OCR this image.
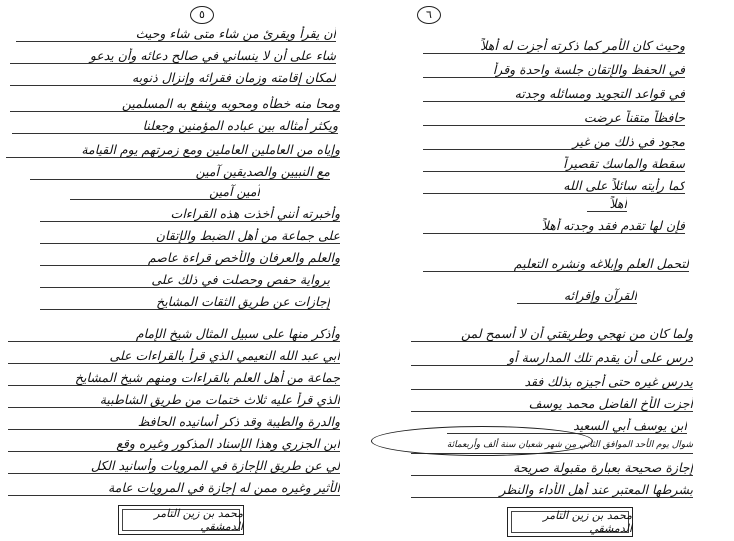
٥
أن يقرأ ويقرئ من شاء متى شاء وحيث
شاء على أن لا ينساني في صالح دعائه وأن يدعو
لمكان إقامته وزمان فقرائه وإنزال ذنوبه
ومحا منه خطأه ومحوبه وينفع به المسلمين
ويكثر أمثاله بين عباده المؤمنين وجعلنا
وإياه من العاملين العاملين ومع زمرتهم يوم القيامة
مع النبيين والصديقين آمين
آمين آمين
وأخبرته أنني أخذت هذه القراءات
على جماعة من أهل الضبط والإتقان
والعلم والعرفان والأخص قراءة عاصم
برواية حفص وحصلت في ذلك على
إجازات عن طريق الثقات المشايخ
وأذكر منها على سبيل المثال شيخ الإمام
أبي عبد الله النعيمي الذي قرأ بالقراءات على
جماعة من أهل العلم بالقراءات ومنهم شيخ المشايخ
الذي قرأ عليه ثلاث ختمات من طريق الشاطبية
والدرة والطيبة وقد ذكر أسانيده الحافظ
ابن الجزري وهذا الإسناد المذكور وغيره وقع
لي عن طريق الإجازة في المرويات وأسانيد الكل
الأثير وغيره ممن له إجازة في المرويات عامة
محمد بن زين التامر الدمشقي
٦
وحيث كان الأمر كما ذكرته أجزت له أهلاً
في الحفظ والإتقان جلسة واحدة وقرأ
في قواعد التجويد ومسائله وجدته
حافظاً متقناً عرضت
مجود في ذلك من غير
سقطة والماسك تقصيراً
كما رأيته سائلاً على الله
أهلاً
فإن لها تقدم فقد وجدته أهلاً
لتحمل العلم وإبلاغه ونشره التعليم
القرآن وإقرائه
ولما كان من نهجي وطريقتي أن لا أسمح لمن
درس على أن يقدم تلك المدارسة أو
يدرس غيره حتى أجيزه بذلك فقد
أجزت الأخ الفاضل محمد يوسف
ابن يوسف أبي السعيد
شوال يوم الأحد الموافق الثاني من شهر شعبان سنة ألف وأربعمائة
إجازة صحيحة بعبارة مقبولة صريحة
بشرطها المعتبر عند أهل الأداء والنظر
محمد بن زين التامر الدمشقي
